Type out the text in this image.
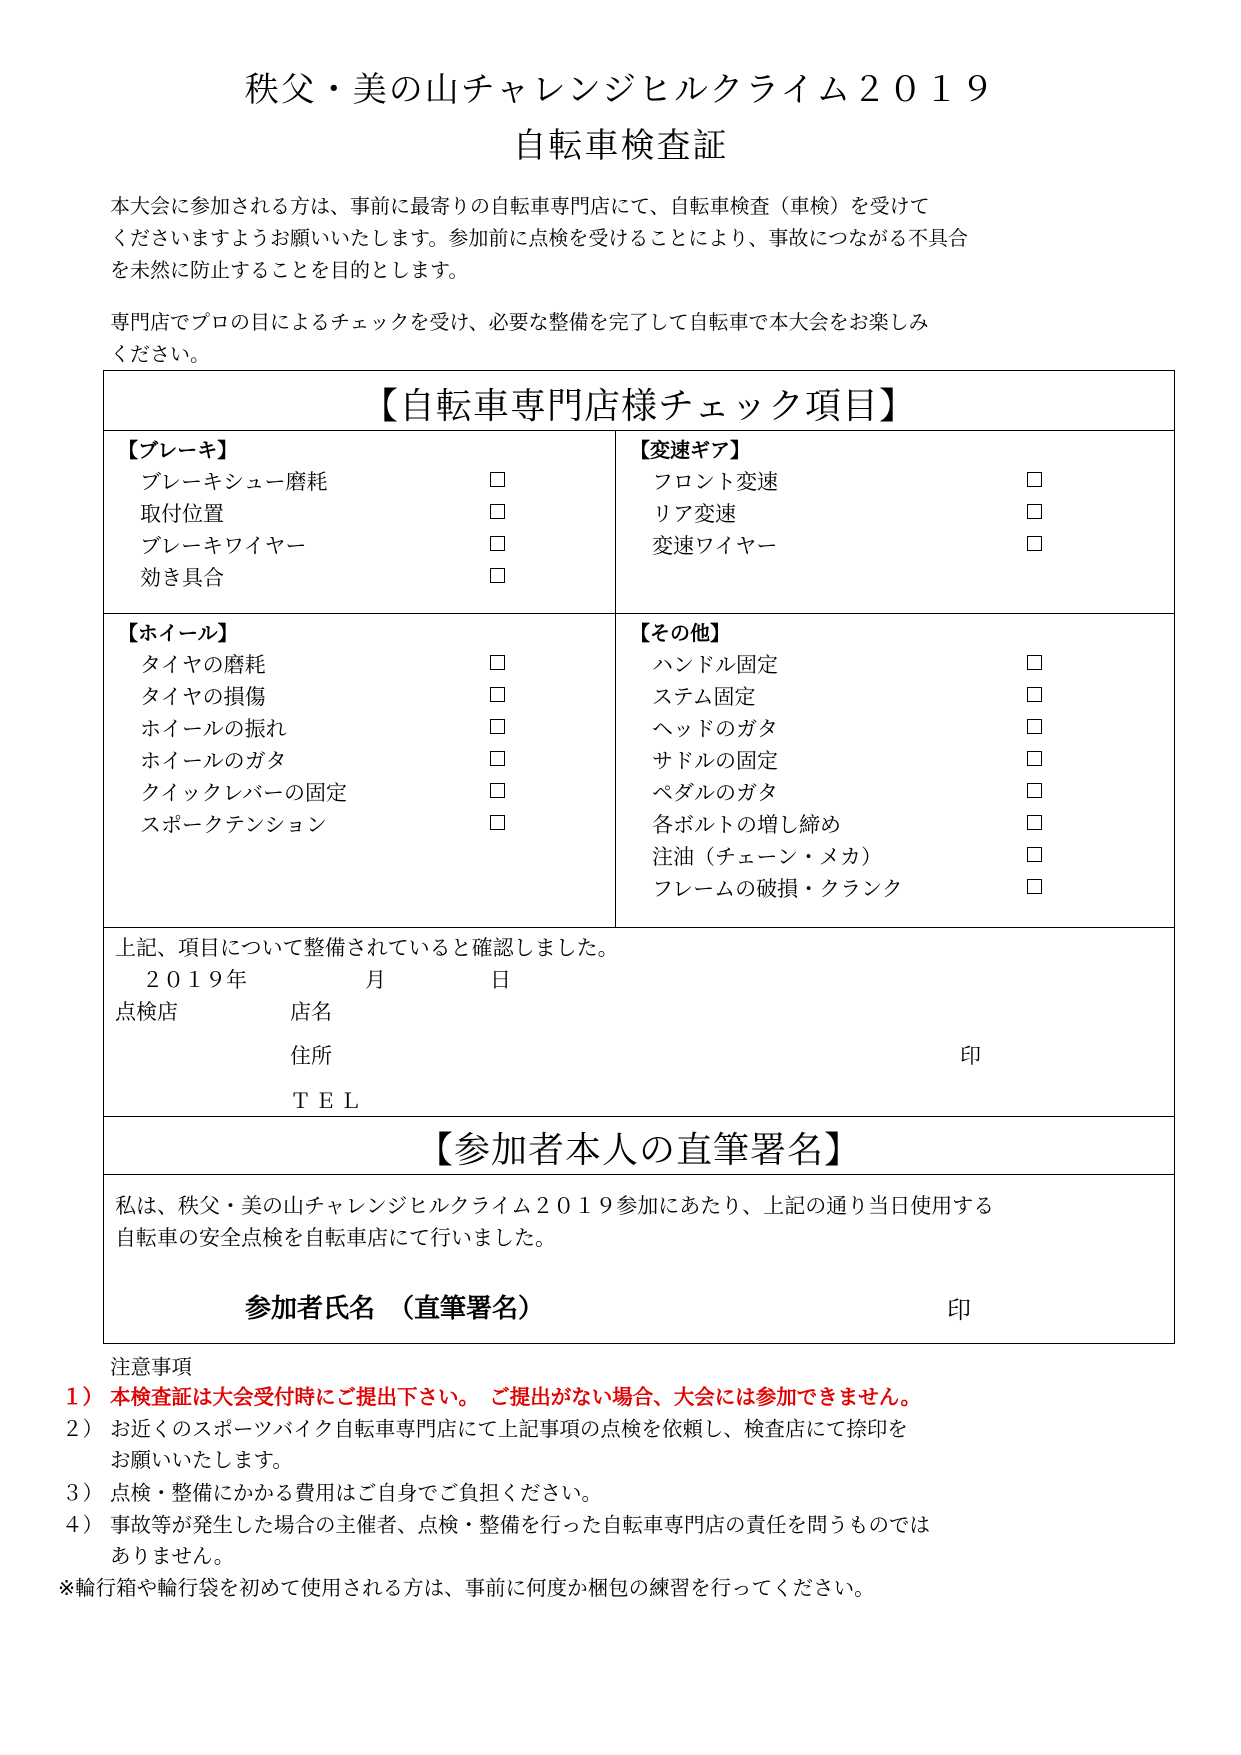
秩父・美の山チャレンジヒルクライム２０１９
自転車検査証
本大会に参加される方は、事前に最寄りの自転車専門店にて、自転車検査（車検）を受けて
くださいますようお願いいたします。参加前に点検を受けることにより、事故につながる不具合
を未然に防止することを目的とします。
専門店でプロの目によるチェックを受け、必要な整備を完了して自転車で本大会をお楽しみ
ください。
【自転車専門店様チェック項目】
【ブレーキ】
ブレーキシュー磨耗
取付位置
ブレーキワイヤー
効き具合
【変速ギア】
フロント変速
リア変速
変速ワイヤー
【ホイール】
タイヤの磨耗
タイヤの損傷
ホイールの振れ
ホイールのガタ
クイックレバーの固定
スポークテンション
【その他】
ハンドル固定
ステム固定
ヘッドのガタ
サドルの固定
ペダルのガタ
各ボルトの増し締め
注油（チェーン・メカ）
フレームの破損・クランク
上記、項目について整備されていると確認しました。
２０１９年	月	日
点検店	店名
住所	印
ＴＥＬ
【参加者本人の直筆署名】
私は、秩父・美の山チャレンジヒルクライム２０１９参加にあたり、上記の通り当日使用する
自転車の安全点検を自転車店にて行いました。
参加者氏名　（直筆署名）	印
注意事項
１） 本検査証は大会受付時にご提出下さい。　ご提出がない場合、大会には参加できません。
２） お近くのスポーツバイク自転車専門店にて上記事項の点検を依頼し、検査店にて捺印を
お願いいたします。
３） 点検・整備にかかる費用はご自身でご負担ください。
４） 事故等が発生した場合の主催者、点検・整備を行った自転車専門店の責任を問うものでは
ありません。
※輪行箱や輪行袋を初めて使用される方は、事前に何度か梱包の練習を行ってください。
